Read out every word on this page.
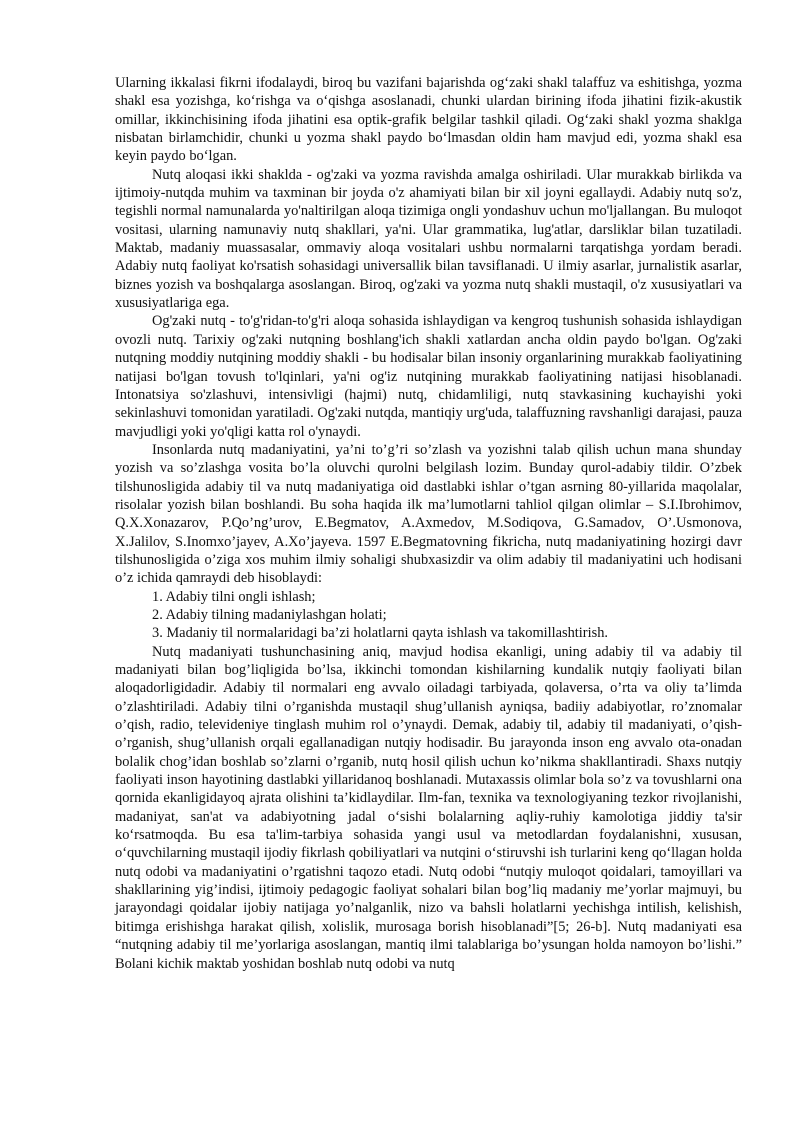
Ularning ikkalasi fikrni ifodalaydi, biroq bu vazifani bajarishda og‘zaki shakl talaffuz va eshitishga, yozma shakl esa yozishga, ko‘rishga va o‘qishga asoslanadi, chunki ulardan birining ifoda jihatini fizik-akustik omillar, ikkinchisining ifoda jihatini esa optik-grafik belgilar tashkil qiladi. Og‘zaki shakl yozma shaklga nisbatan birlamchidir, chunki u yozma shakl paydo bo‘lmasdan oldin ham mavjud edi, yozma shakl esa keyin paydo bo‘lgan.

Nutq aloqasi ikki shaklda - og'zaki va yozma ravishda amalga oshiriladi. Ular murakkab birlikda va ijtimoiy-nutqda muhim va taxminan bir joyda o'z ahamiyati bilan bir xil joyni egallaydi. Adabiy nutq so'z, tegishli normal namunalarda yo'naltirilgan aloqa tizimiga ongli yondashuv uchun mo'ljallangan. Bu muloqot vositasi, ularning namunaviy nutq shakllari, ya'ni. Ular grammatika, lug'atlar, darsliklar bilan tuzatiladi. Maktab, madaniy muassasalar, ommaviy aloqa vositalari ushbu normalarni tarqatishga yordam beradi. Adabiy nutq faoliyat ko'rsatish sohasidagi universallik bilan tavsiflanadi. U ilmiy asarlar, jurnalistik asarlar, biznes yozish va boshqalarga asoslangan. Biroq, og'zaki va yozma nutq shakli mustaqil, o'z xususiyatlari va xususiyatlariga ega.

Og'zaki nutq - to'g'ridan-to'g'ri aloqa sohasida ishlaydigan va kengroq tushunish sohasida ishlaydigan ovozli nutq. Tarixiy og'zaki nutqning boshlang'ich shakli xatlardan ancha oldin paydo bo'lgan. Og'zaki nutqning moddiy nutqining moddiy shakli - bu hodisalar bilan insoniy organlarining murakkab faoliyatining natijasi bo'lgan tovush to'lqinlari, ya'ni og'iz nutqining murakkab faoliyatining natijasi hisoblanadi. Intonatsiya so'zlashuvi, intensivligi (hajmi) nutq, chidamliligi, nutq stavkasining kuchayishi yoki sekinlashuvi tomonidan yaratiladi. Og'zaki nutqda, mantiqiy urg'uda, talaffuzning ravshanligi darajasi, pauza mavjudligi yoki yo'qligi katta rol o'ynaydi.

Insonlarda nutq madaniyatini, ya’ni to’g’ri so’zlash va yozishni talab qilish uchun mana shunday yozish va so’zlashga vosita bo’la oluvchi qurolni belgilash lozim. Bunday qurol-adabiy tildir. O’zbek tilshunosligida adabiy til va nutq madaniyatiga oid dastlabki ishlar o’tgan asrning 80-yillarida maqolalar, risolalar yozish bilan boshlandi. Bu soha haqida ilk ma’lumotlarni tahliol qilgan olimlar – S.I.Ibrohimov, Q.X.Xonazarov, P.Qo’ng’urov, E.Begmatov, A.Axmedov, M.Sodiqova, G.Samadov, O’.Usmonova, X.Jalilov, S.Inomxo’jayev, A.Xo’jayeva. 1597 E.Begmatovning fikricha, nutq madaniyatining hozirgi davr tilshunosligida o’ziga xos muhim ilmiy sohaligi shubxasizdir va olim adabiy til madaniyatini uch hodisani o’z ichida qamraydi deb hisoblaydi:

1. Adabiy tilni ongli ishlash;

2. Adabiy tilning madaniylashgan holati;

3. Madaniy til normalaridagi ba’zi holatlarni qayta ishlash va takomillashtirish.

Nutq madaniyati tushunchasining aniq, mavjud hodisa ekanligi, uning adabiy til va adabiy til madaniyati bilan bog’liqligida bo’lsa, ikkinchi tomondan kishilarning kundalik nutqiy faoliyati bilan aloqadorligidadir. Adabiy til normalari eng avvalo oiladagi tarbiyada, qolaversa, o’rta va oliy ta’limda o’zlashtiriladi. Adabiy tilni o’rganishda mustaqil shug’ullanish ayniqsa, badiiy adabiyotlar, ro’znomalar o’qish, radio, televideniye tinglash muhim rol o’ynaydi. Demak, adabiy til, adabiy til madaniyati, o’qish-o’rganish, shug’ullanish orqali egallanadigan nutqiy hodisadir. Bu jarayonda inson eng avvalo ota-onadan bolalik chog’idan boshlab so’zlarni o’rganib, nutq hosil qilish uchun ko’nikma shakllantiradi. Shaxs nutqiy faoliyati inson hayotining dastlabki yillaridanoq boshlanadi. Mutaxassis olimlar bola so’z va tovushlarni ona qornida ekanligidayoq ajrata olishini ta’kidlaydilar. Ilm-fan, texnika va texnologiyaning tezkor rivojlanishi, madaniyat, san'at va adabiyotning jadal o‘sishi bolalarning aqliy-ruhiy kamolotiga jiddiy ta'sir ko‘rsatmoqda. Bu esa ta'lim-tarbiya sohasida yangi usul va metodlardan foydalanishni, xususan, o‘quvchilarning mustaqil ijodiy fikrlash qobiliyatlari va nutqini o‘stiruvshi ish turlarini keng qo‘llagan holda nutq odobi va madaniyatini o’rgatishni taqozo etadi. Nutq odobi “nutqiy muloqot qoidalari, tamoyillari va shakllarining yig’indisi, ijtimoiy pedagogic faoliyat sohalari bilan bog’liq madaniy me’yorlar majmuyi, bu jarayondagi qoidalar ijobiy natijaga yo’nalganlik, nizo va bahsli holatlarni yechishga intilish, kelishish, bitimga erishishga harakat qilish, xolislik, murosaga borish hisoblanadi”[5; 26-b]. Nutq madaniyati esa “nutqning adabiy til me’yorlariga asoslangan, mantiq ilmi talablariga bo’ysungan holda namoyon bo’lishi.” Bolani kichik maktab yoshidan boshlab nutq odobi va nutq
